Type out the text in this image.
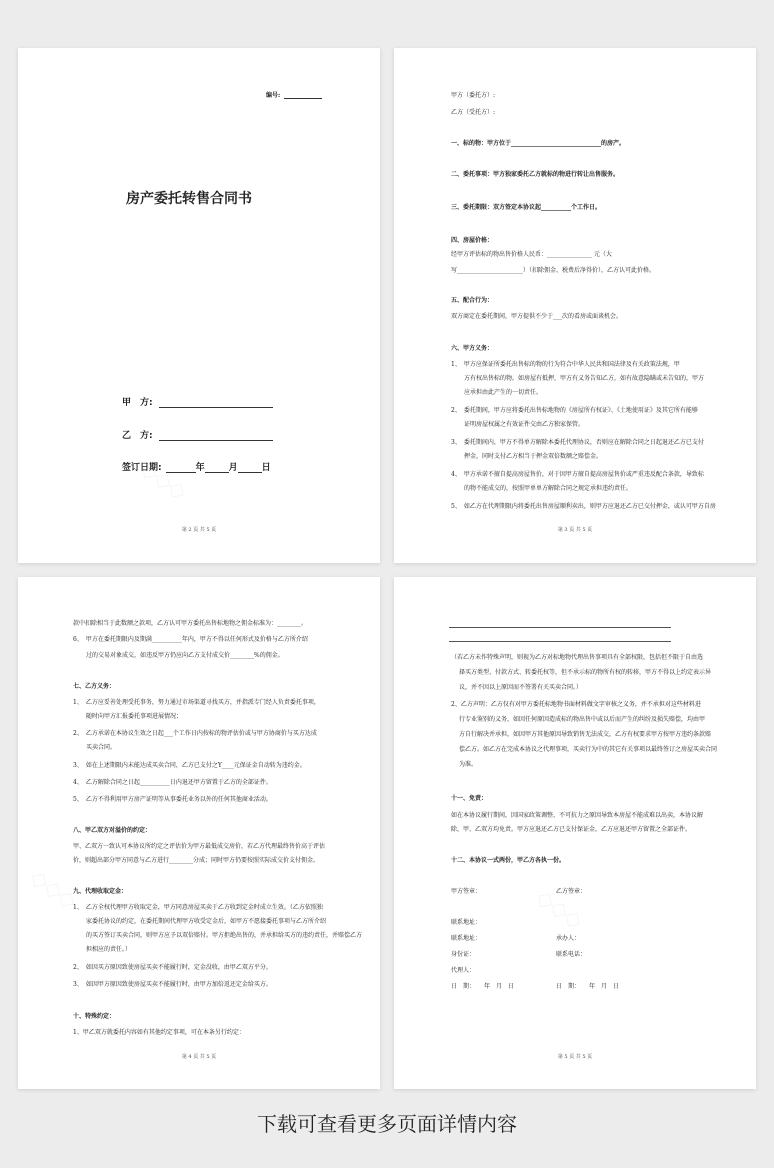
编号:
房产委托转售合同书
甲　方:
乙　方:
签订日期:	年	月	日
第 2 页 共 5 页
甲方（委托方）:
乙方（受托方）:
一、标的物：甲方位于______________________________的房产。
二、委托事项：甲方独家委托乙方就标的物进行转让出售服务。
三、委托期限：双方签定本协议起__________个工作日。
四、房屋价格：
经甲方评估标的物出售价格人民币：_______________ 元（大
写______________________）（扣除佣金、税费后净得价），乙方认可此价格。
五、配合行为：
双方商定在委托期间，甲方提供不少于___次的看房或面谈机会。
六、甲方义务：
1、　甲方应保证所委托出售标的物的行为符合中华人民共和国法律及有关政策法规，甲
方有权出售标的物。如房屋有抵押，甲方有义务告知乙方，如有故意隐瞒或未告知的，甲方
应承担由此产生的一切责任。
2、　委托期间，甲方应将委托出售标地物的《房屋所有权证》、《土地使用证》及其它所有能够
证明房屋权属之有效证件交由乙方独家保管。
3、　委托期间内，甲方不得单方解除本委托代理协议，否则应在解除合同之日起退还乙方已支付
押金，同时支付乙方相当于押金双倍数额之赔偿金。
4、　甲方承诺不擅自提高房屋售价，对于因甲方擅自提高房屋售价或严重违反配合条款，导致标
的物不能成交的，按照甲单单方解除合同之规定承担违约责任。
5、　如乙方在代理期限内将委托出售房屋顺利卖出，则甲方应退还乙方已交付押金，或认可甲方自房
第 3 页 共 5 页
款中扣除相当于此数额之款项，乙方认可甲方委托出售标地物之佣金标准为：________。
6、　甲方在委托期限内及期满__________年内，甲方不得以任何形式及价格与乙方所介绍
过的交易对象成交，如违反甲方仍应向乙方支付成交价________%的佣金。
七、乙方义务：
1、　乙方应妥善处理受托事务，努力通过市场渠道寻找买方，并指派专门经人负责委托事项，
随时向甲方汇报委托事项进展情况；
2、　乙方承诺在本协议生效之日起___个工作日内按标的物评估价或与甲方协商价与买方达成
买卖合同。
3、　如在上述期限内未能达成买卖合同，乙方已支付之Y____元保证金自动转为违约金。
4、　乙方解除合同之日起__________日内退还甲方留置于乙方的全部证件。
5、　乙方不得利用甲方房产证明等从事委托业务以外的任何其他商业活动。
八、甲乙双方对溢价的约定：
甲、乙双方一致认可本协议所约定之评估价为甲方最低成交房价，若乙方代理最终售价高于评估
价，则超出部分甲方同意与乙方进行________分成；同时甲方仍要按照实际成交价支付佣金。
九、代理收取定金：
1、　乙方全权代理甲方收取定金，甲方同意房屋买卖于乙方收到定金时成立生效。（乙方依照独
家委托协议的约定，在委托期间代理甲方收受定金后，如甲方不愿接委托事项与乙方所介绍
的买方签订买卖合同，则甲方应予以双倍赔付。甲方拒绝出售的，并承担给买方的违约责任，并赔偿乙方
担相应的责任。）
2、　如因买方原因致使房屋买卖不能履行时，定金没收，由甲乙双方平分。
3、　如因甲方原因致使房屋买卖不能履行时，由甲方加倍返还定金给买方。
十、特殊约定：
1、甲乙双方就委托内容如有其他约定事项，可在本条另行约定：
第 4 页 共 5 页
（若乙方未作特殊声明，则视为乙方对标地物代理出售事项具有全部权限，包括但不限于自由选
择买方类型、付款方式、转委托权等，但不承示标的物所有权的转移，甲方不得以上约定表示异
议，并不因以上原因而不签署有关买卖合同。）
2、乙方声明：乙方仅有对甲方委托标地物书面材料做文字审核之义务，并不承担对这些材料进
行专业鉴别的义务，如因任何原因造成标的物出售中或以后而产生的纠纷及损失赔偿，均由甲
方自行解决并承担，如因甲方其他原因导致销售无法成交，乙方有权要求甲方按甲方违约条款赔
偿乙方。如乙方在完成本协议之代理事项，买卖行为中的其它有关事项以最终签订之房屋买卖合同
为准。
十一、免责：
如在本协议履行期间，因国家政策调整、不可抗力之原因导致本房屋不能成难以出卖，本协议解
除，甲、乙双方均免责。甲方应退还乙方已支付保证金，乙方应退还甲方留置之全部证件。
十二、本协议一式两份，甲乙方各执一份。
甲方签章：	乙方签章：
联系地址：
联系地址：	承办人：
身份证：	联系电话：
代理人：
日　期：　　年　月　日	日　期：　　年　月　日
第 5 页 共 5 页
下载可查看更多页面详情内容
